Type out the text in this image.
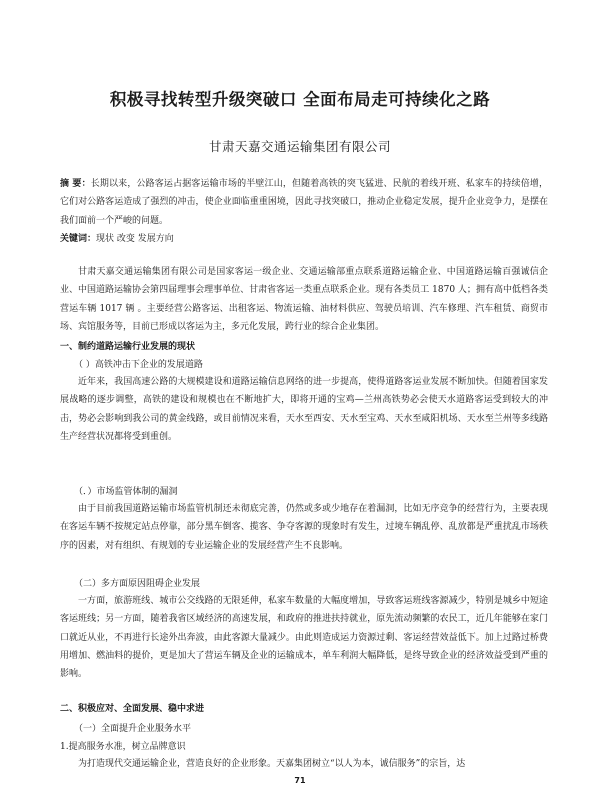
积极寻找转型升级突破口 全面布局走可持续化之路
甘肃天嘉交通运输集团有限公司

摘 要：长期以来，公路客运占据客运输市场的半壁江山，但随着高铁的突飞猛进、民航的着线开班、私家车的持续倍增，它们对公路客运造成了强烈的冲击，使企业面临重重困境，因此寻找突破口，推动企业稳定发展，提升企业竞争力，是摆在我们面前一个严峻的问题。

关键词：现状 改变 发展方向

甘肃天嘉交通运输集团有限公司是国家客运一级企业、交通运输部重点联系道路运输企业、中国道路运输百强诚信企业、中国道路运输协会第四届理事会理事单位、甘肃省客运一类重点联系企业。现有各类员工 1870 人；拥有高中低档各类营运车辆 1017 辆 。主要经营公路客运、出租客运、物流运输、油材料供应、驾驶员培训、汽车修理、汽车租赁、商贸市场、宾馆服务等，目前已形成以客运为主，多元化发展，跨行业的综合企业集团。
一、制约道路运输行业发展的现状
（ ）高铁冲击下企业的发展道路
近年来，我国高速公路的大规模建设和道路运输信息网络的进一步提高，使得道路客运业发展不断加快。但随着国家发展战略的逐步调整，高铁的建设和规模也在不断地扩大，即将开通的宝鸡—兰州高铁势必会使天水道路客运受到较大的冲击，势必会影响到我公司的黄金线路，或目前情况来看，天水至西安、天水至宝鸡、天水至咸阳机场、天水至兰州等多线路生产经营状况都将受到重创。
（．）市场监管体制的漏洞
由于目前我国道路运输市场监管机制还未彻底完善，仍然或多或少地存在着漏洞，比如无序竞争的经营行为，主要表现在客运车辆不按规定站点停靠，部分黑车倒客、揽客、争夺客源的现象时有发生，过境车辆乱停、乱放都是严重扰乱市场秩序的因素，对有组织、有规划的专业运输企业的发展经营产生不良影响。
（二）多方面原因阻碍企业发展
一方面，旅游班线、城市公交线路的无限延伸，私家车数量的大幅度增加，导致客运班线客源减少，特别是城乡中短途客运班线；另一方面，随着我省区域经济的高速发展，和政府的推进扶持就业，原先流动频繁的农民工，近几年能够在家门口就近从业，不再进行长途外出奔波，由此客源大量减少。由此则造成运力资源过剩、客运经营效益低下。加上过路过桥费用增加、燃油料的提价，更是加大了营运车辆及企业的运输成本，单车利润大幅降低，是终导致企业的经济效益受到严重的影响。
二、积极应对、全面发展、稳中求进
（一）全面提升企业服务水平
1.提高服务水准，树立品牌意识
为打造现代交通运输企业，营造良好的企业形象。天嘉集团树立“以人为本，诚信服务”的宗旨，达
71
